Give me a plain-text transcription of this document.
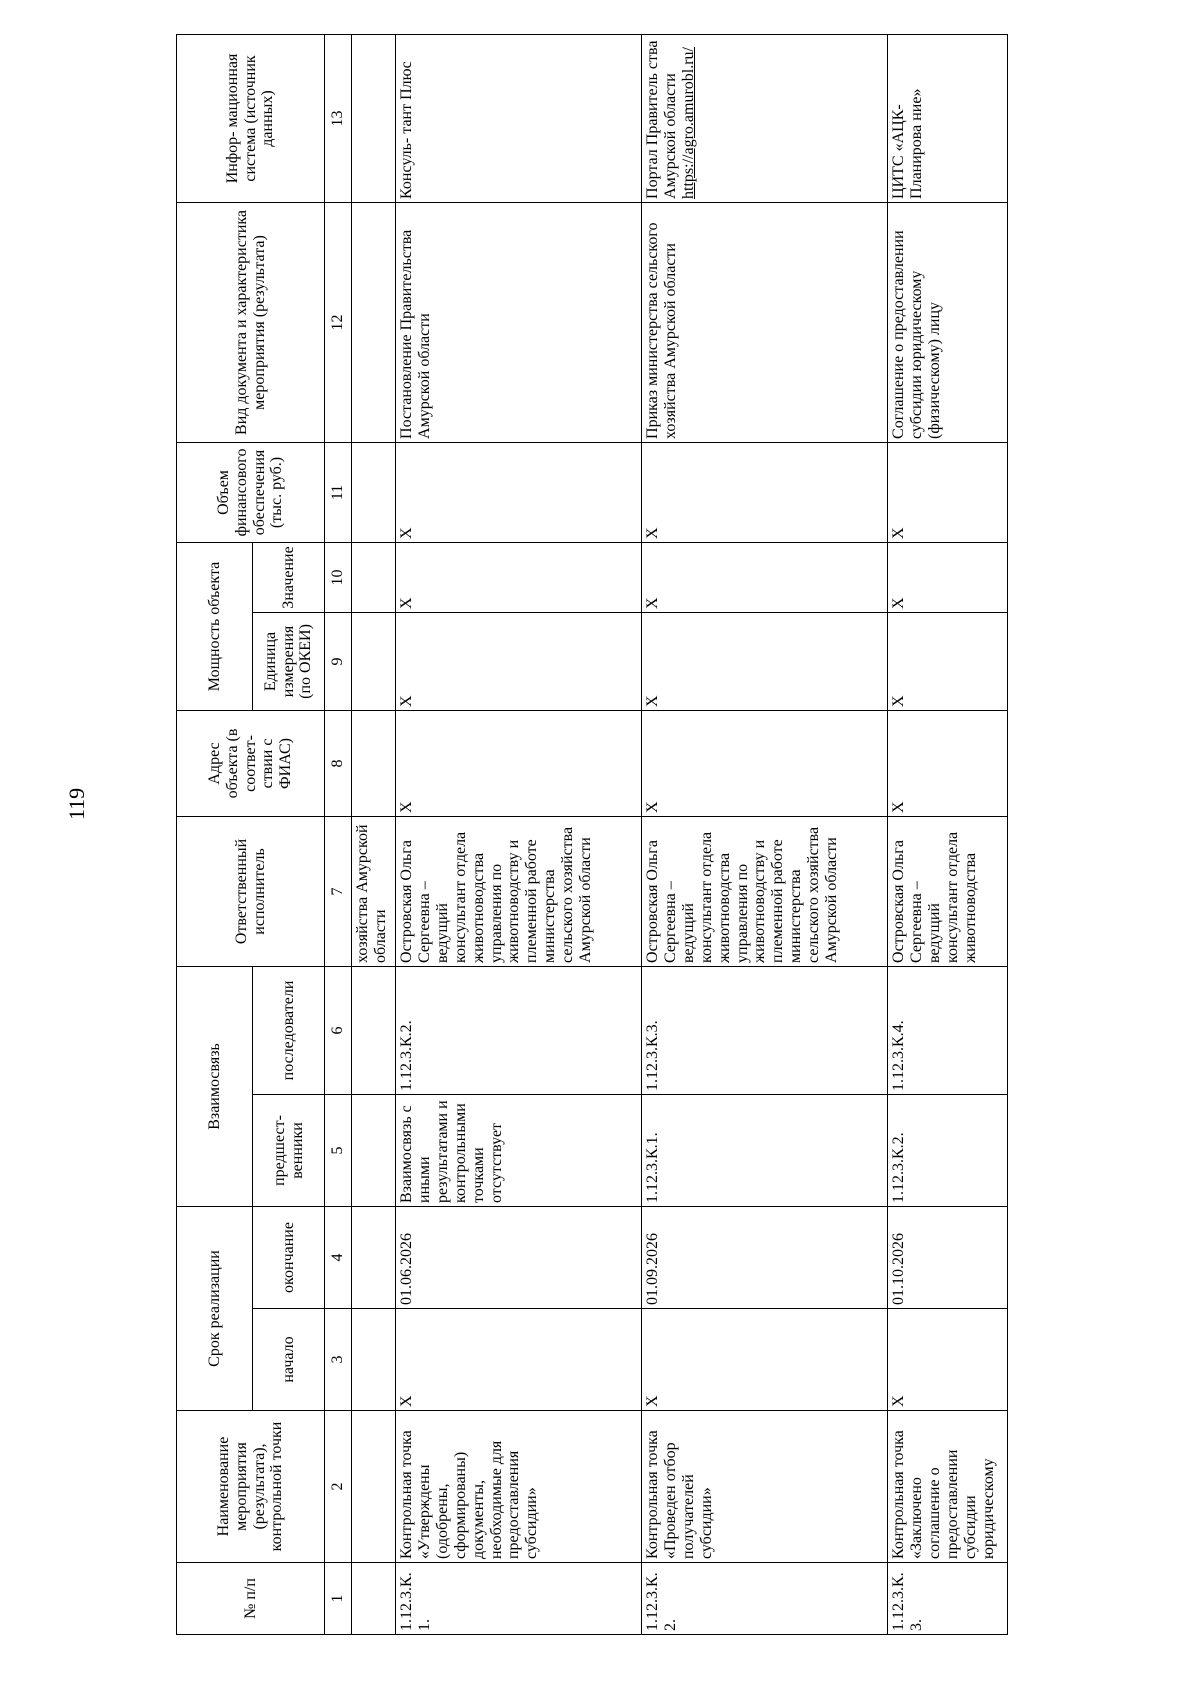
119
№ п/п	Наименование мероприятия (результата), контрольной точки	Срок реализации		Взаимосвязь		Ответственный исполнитель	Адрес объекта (в соответ- ствии с ФИАС)	Мощность объекта		Объем финансового обеспечения (тыс. руб.)	Вид документа и характеристика мероприятия (результата)	Инфор- мационная система (источник данных)
		начало	окончание	предшест- венники	последователи			Единица измерения (по ОКЕИ)	Значение			
1	2	3	4	5	6	7	8	9	10	11	12	13
						хозяйства Амурской области						
1.12.3.К. 1.	Контрольная точка «Утверждены (одобрены, сформированы) документы, необходимые для предоставления субсидии»	X	01.06.2026	Взаимосвязь с иными результатами и контрольными точками отсутствует	1.12.3.К.2.	Островская Ольга Сергеевна – ведущий консультант отдела животноводства управления по животноводству и племенной работе министерства сельского хозяйства Амурской области	X	X	X	X	Постановление Правительства Амурской области	Консуль- тант Плюс
1.12.3.К. 2.	Контрольная точка «Проведен отбор получателей субсидии»	X	01.09.2026	1.12.3.К.1.	1.12.3.К.3.	Островская Ольга Сергеевна – ведущий консультант отдела животноводства управления по животноводству и племенной работе министерства сельского хозяйства Амурской области	X	X	X	X	Приказ министерства сельского хозяйства Амурской области	Портал Правитель ства Амурской области https://agro.amurobl.ru/
1.12.3.К. 3.	Контрольная точка «Заключено соглашение о предоставлении субсидии юридическому	X	01.10.2026	1.12.3.К.2.	1.12.3.К.4.	Островская Ольга Сергеевна – ведущий консультант отдела животноводства	X	X	X	X	Соглашение о предоставлении субсидии юридическому (физическому) лицу	ЦИТС «АЦК-Планирова ние»
